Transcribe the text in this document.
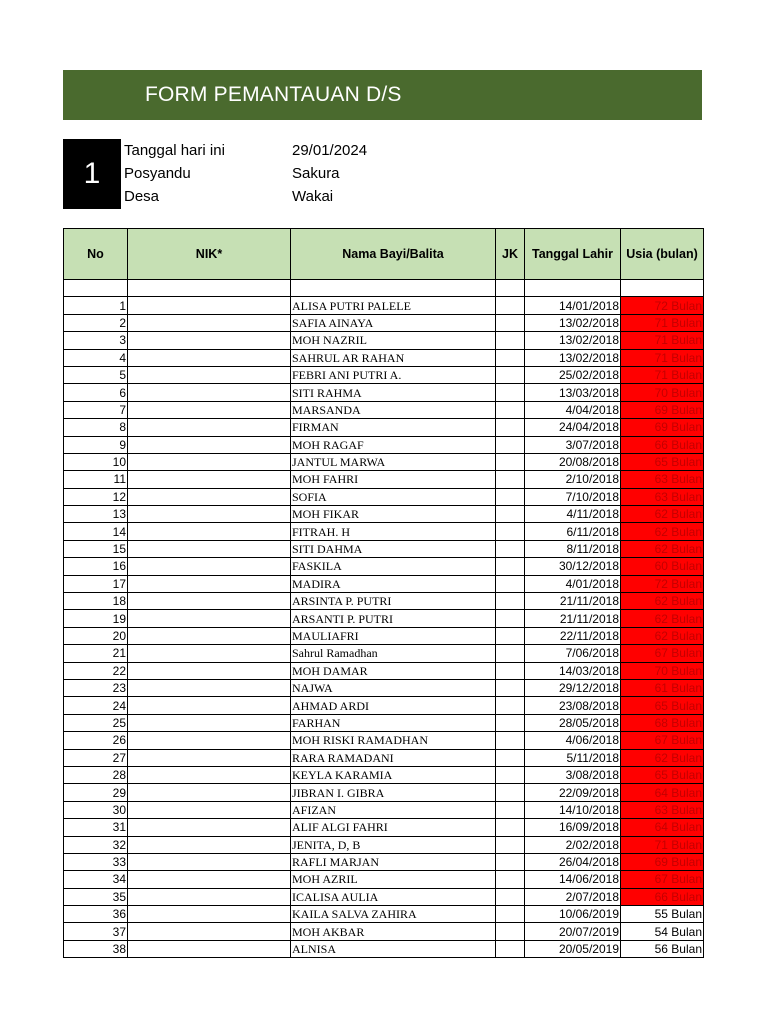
FORM PEMANTAUAN D/S
1
Tanggal hari ini	29/01/2024
Posyandu	Sakura
Desa	Wakai
No	NIK*	Nama Bayi/Balita	JK	Tanggal Lahir	Usia (bulan)

1		ALISA PUTRI PALELE		14/01/2018	72 Bulan
2		SAFIA AINAYA		13/02/2018	71 Bulan
3		MOH NAZRIL		13/02/2018	71 Bulan
4		SAHRUL AR RAHAN		13/02/2018	71 Bulan
5		FEBRI ANI PUTRI A.		25/02/2018	71 Bulan
6		SITI RAHMA		13/03/2018	70 Bulan
7		MARSANDA		4/04/2018	69 Bulan
8		FIRMAN		24/04/2018	69 Bulan
9		MOH RAGAF		3/07/2018	66 Bulan
10		JANTUL MARWA		20/08/2018	65 Bulan
11		MOH FAHRI		2/10/2018	63 Bulan
12		SOFIA		7/10/2018	63 Bulan
13		MOH FIKAR		4/11/2018	62 Bulan
14		FITRAH. H		6/11/2018	62 Bulan
15		SITI DAHMA		8/11/2018	62 Bulan
16		FASKILA		30/12/2018	60 Bulan
17		MADIRA		4/01/2018	72 Bulan
18		ARSINTA P. PUTRI		21/11/2018	62 Bulan
19		ARSANTI P. PUTRI		21/11/2018	62 Bulan
20		MAULIAFRI		22/11/2018	62 Bulan
21		Sahrul Ramadhan		7/06/2018	67 Bulan
22		MOH DAMAR		14/03/2018	70 Bulan
23		NAJWA		29/12/2018	61 Bulan
24		AHMAD ARDI		23/08/2018	65 Bulan
25		FARHAN		28/05/2018	68 Bulan
26		MOH RISKI RAMADHAN		4/06/2018	67 Bulan
27		RARA RAMADANI		5/11/2018	62 Bulan
28		KEYLA KARAMIA		3/08/2018	65 Bulan
29		JIBRAN I. GIBRA		22/09/2018	64 Bulan
30		AFIZAN		14/10/2018	63 Bulan
31		ALIF ALGI FAHRI		16/09/2018	64 Bulan
32		JENITA, D, B		2/02/2018	71 Bulan
33		RAFLI MARJAN		26/04/2018	69 Bulan
34		MOH AZRIL		14/06/2018	67 Bulan
35		ICALISA AULIA		2/07/2018	66 Bulan
36		KAILA SALVA ZAHIRA		10/06/2019	55 Bulan
37		MOH AKBAR		20/07/2019	54 Bulan
38		ALNISA		20/05/2019	56 Bulan
